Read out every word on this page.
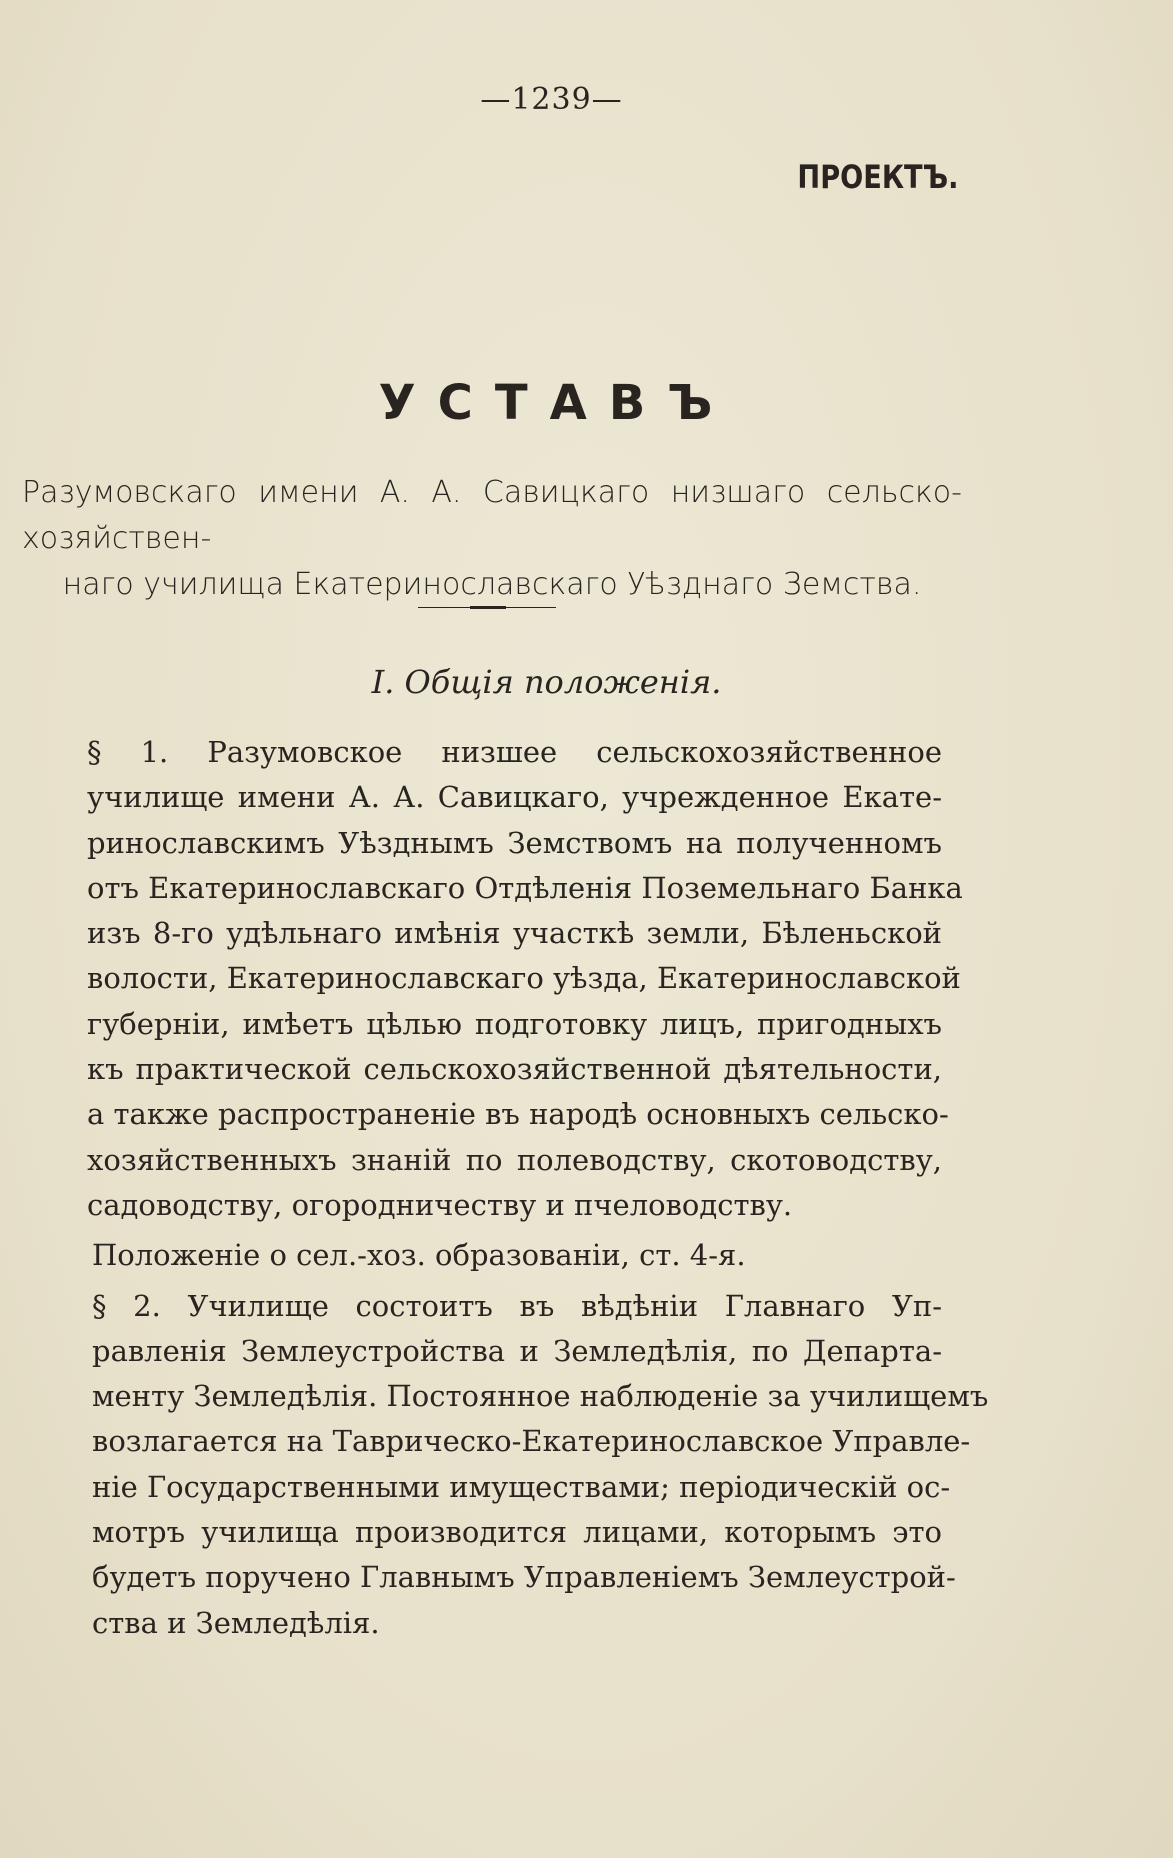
—1239—
ПРОЕКТЪ.
УСТАВЪ
Разумовскаго имени А. А. Савицкаго низшаго сельско-хозяйствен-
наго училища Екатеринославскаго Уѣзднаго Земства.
I. Общія положенія.

§ 1. Разумовское низшее сельскохозяйственное
училище имени А. А. Савицкаго, учрежденное Екате-
ринославскимъ Уѣзднымъ Земствомъ на полученномъ
отъ Екатеринославскаго Отдѣленія Поземельнаго Банка
изъ 8-го удѣльнаго имѣнія участкѣ земли, Бѣленьской
волости, Екатеринославскаго уѣзда, Екатеринославской
губерніи, имѣетъ цѣлью подготовку лицъ, пригодныхъ
къ практической сельскохозяйственной дѣятельности,
а также распространеніе въ народѣ основныхъ сельско-
хозяйственныхъ знаній по полеводству, скотоводству,
садоводству, огородничеству и пчеловодству.

Положеніе о сел.-хоз. образованіи, ст. 4-я.

§ 2. Училище состоитъ въ вѣдѣніи Главнаго Уп-
равленія Землеустройства и Земледѣлія, по Департа-
менту Земледѣлія. Постоянное наблюденіе за училищемъ
возлагается на Таврическо-Екатеринославское Управле-
ніе Государственными имуществами; періодическій ос-
мотръ училища производится лицами, которымъ это
будетъ поручено Главнымъ Управленіемъ Землеустрой-
ства и Земледѣлія.
